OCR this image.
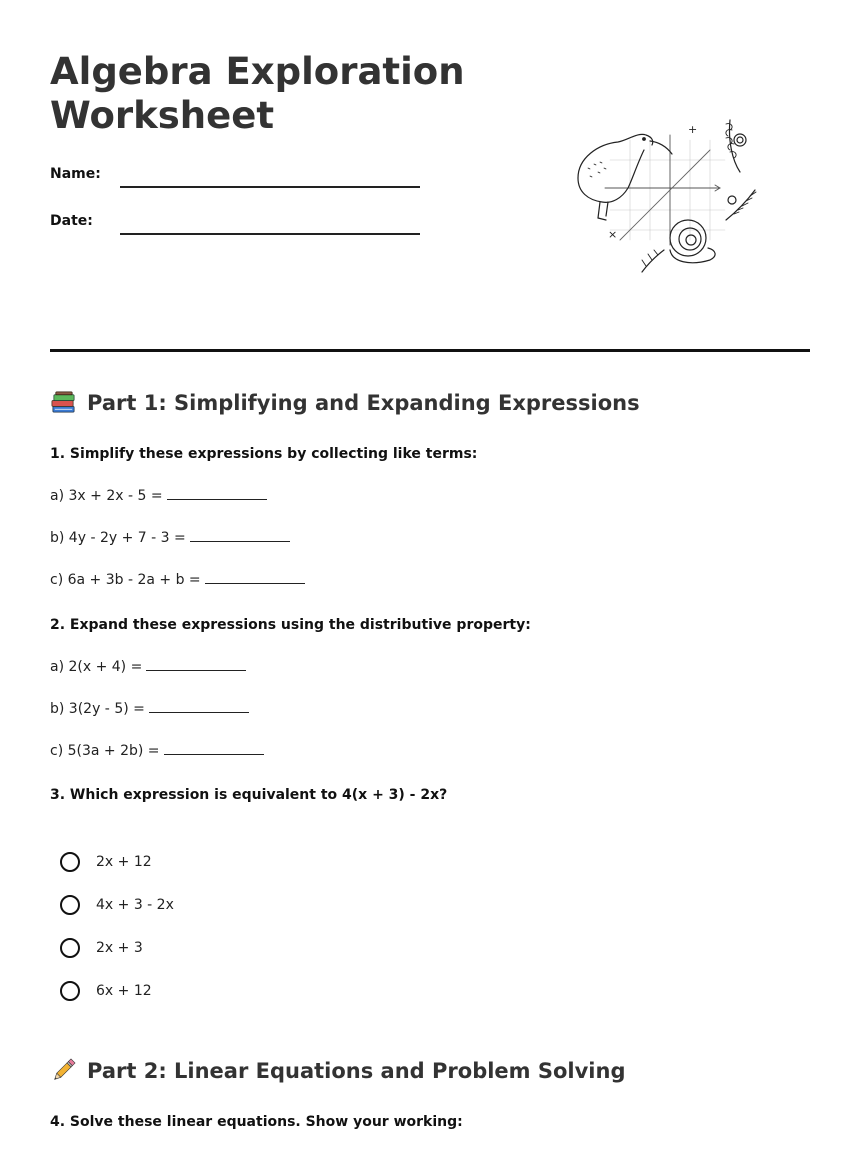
Algebra Exploration Worksheet
Name:
Date:
+
×
Part 1: Simplifying and Expanding Expressions
1. Simplify these expressions by collecting like terms:
a) 3x + 2x - 5 =
b) 4y - 2y + 7 - 3 =
c) 6a + 3b - 2a + b =
2. Expand these expressions using the distributive property:
a) 2(x + 4) =
b) 3(2y - 5) =
c) 5(3a + 2b) =
3. Which expression is equivalent to 4(x + 3) - 2x?
2x + 12
4x + 3 - 2x
2x + 3
6x + 12
Part 2: Linear Equations and Problem Solving
4. Solve these linear equations. Show your working:
